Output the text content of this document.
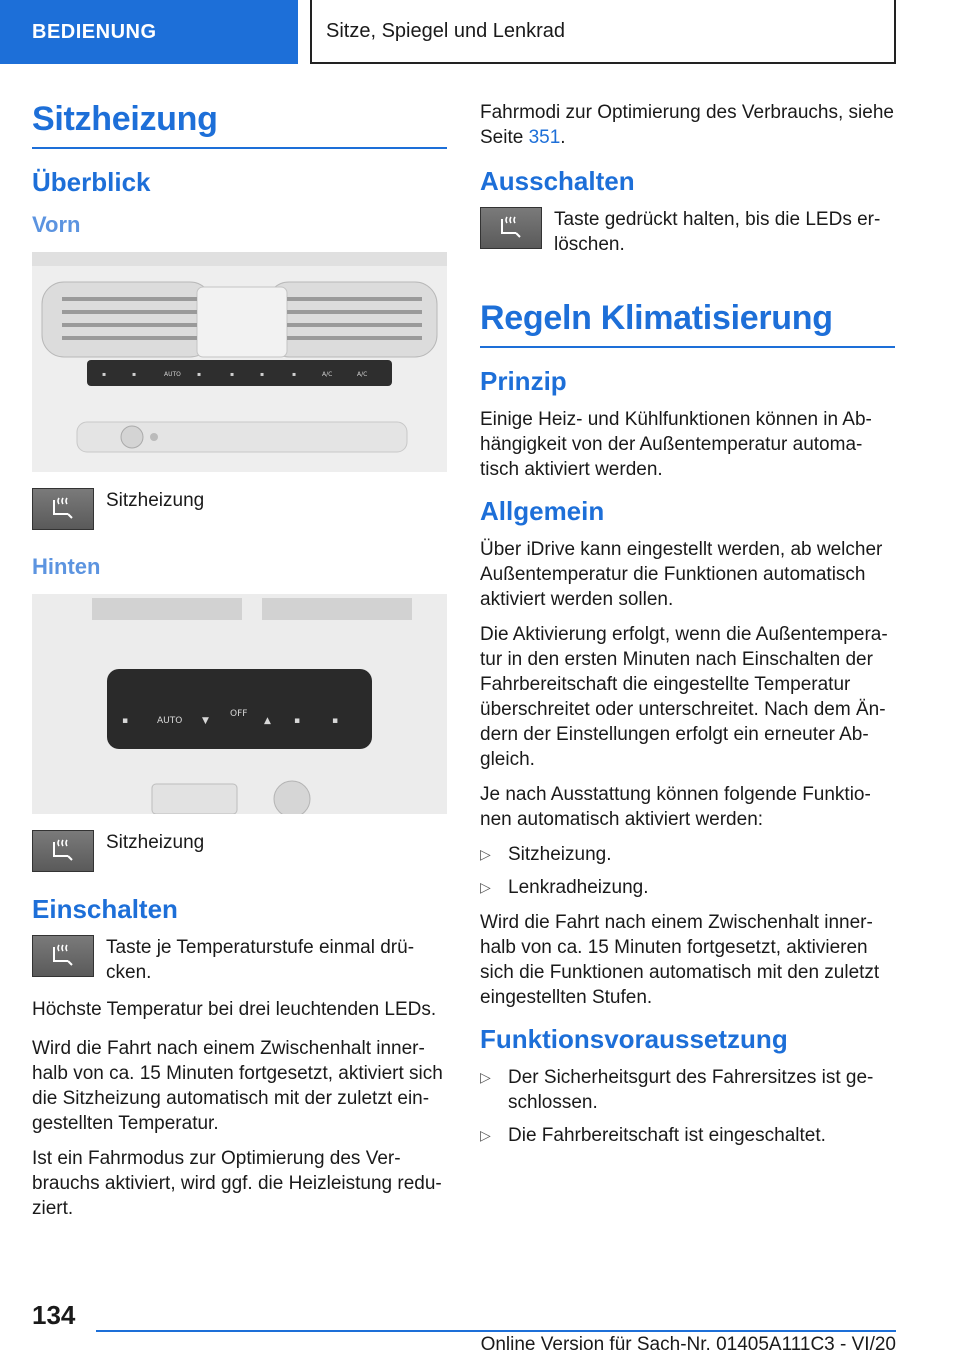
BEDIENUNG	Sitze, Spiegel und Lenkrad
Sitzheizung
Überblick
Vorn
▪	▪	AUTO	▪	▪	▪	▪	A/C	A/C
Sitzheizung
Hinten
▪	AUTO ▼
OFF
▲	▪	▪
Sitzheizung
Einschalten
Taste je Temperaturstufe einmal drü-cken.

Höchste Temperatur bei drei leuchtenden LEDs.

Wird die Fahrt nach einem Zwischenhalt inner-halb von ca. 15 Minuten fortgesetzt, aktiviert sich die Sitzheizung automatisch mit der zuletzt ein-gestellten Temperatur.

Ist ein Fahrmodus zur Optimierung des Ver-brauchs aktiviert, wird ggf. die Heizleistung redu-ziert.

Fahrmodi zur Optimierung des Verbrauchs, siehe Seite 351.

Ausschalten
Taste gedrückt halten, bis die LEDs er-löschen.
Regeln Klimatisierung
Prinzip

Einige Heiz- und Kühlfunktionen können in Ab-hängigkeit von der Außentemperatur automa-tisch aktiviert werden.

Allgemein

Über iDrive kann eingestellt werden, ab welcher Außentemperatur die Funktionen automatisch aktiviert werden sollen.

Die Aktivierung erfolgt, wenn die Außentempera-tur in den ersten Minuten nach Einschalten der Fahrbereitschaft die eingestellte Temperatur überschreitet oder unterschreitet. Nach dem Än-dern der Einstellungen erfolgt ein erneuter Ab-gleich.

Je nach Ausstattung können folgende Funktio-nen automatisch aktiviert werden:

▷ Sitzheizung.
▷ Lenkradheizung.

Wird die Fahrt nach einem Zwischenhalt inner-halb von ca. 15 Minuten fortgesetzt, aktivieren sich die Funktionen automatisch mit den zuletzt eingestellten Stufen.

Funktionsvoraussetzung
▷ Der Sicherheitsgurt des Fahrersitzes ist ge-schlossen.
▷ Die Fahrbereitschaft ist eingeschaltet.
134
Online Version für Sach-Nr. 01405A111C3 - VI/20
